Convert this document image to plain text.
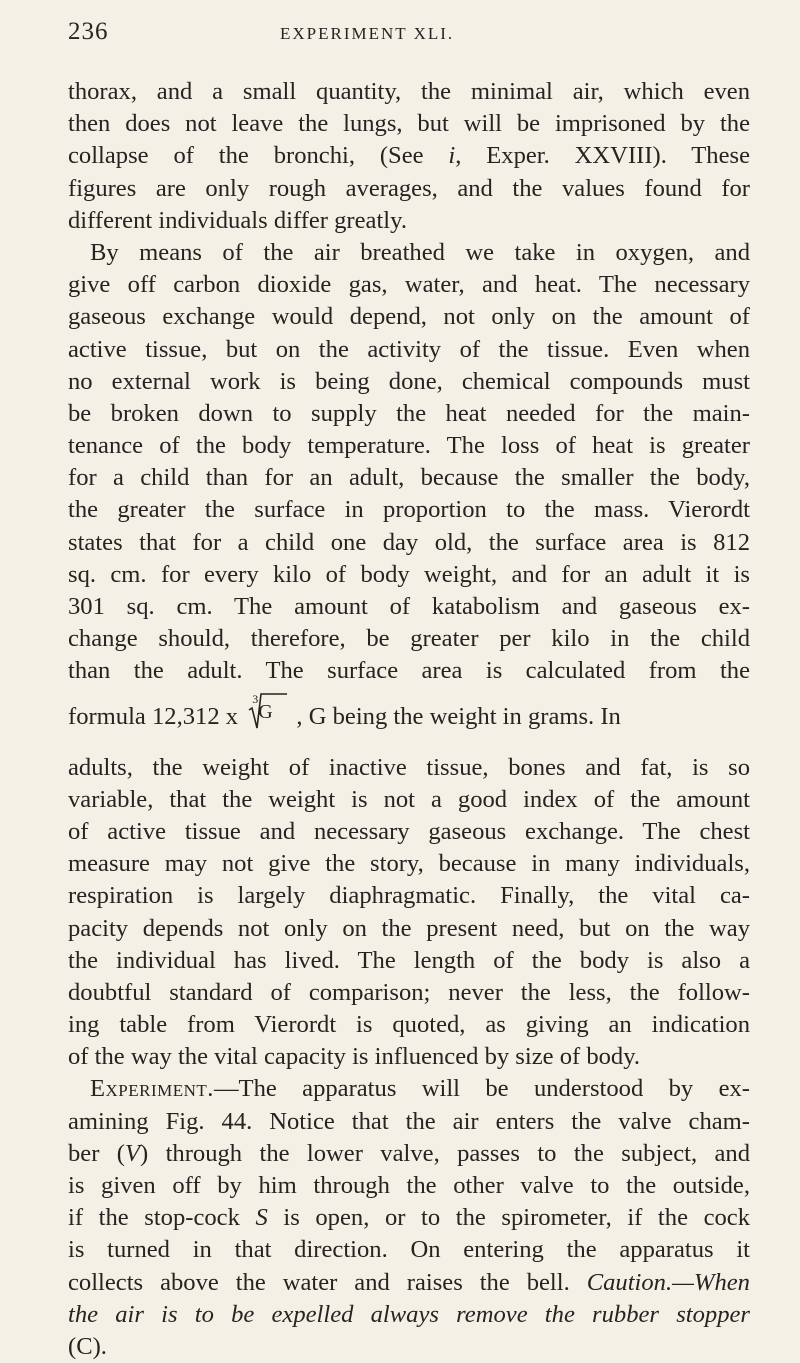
236	EXPERIMENT XLI.
thorax, and a small quantity, the minimal air, which even
then does not leave the lungs, but will be imprisoned by the
collapse of the bronchi, (See i, Exper. XXVIII). These
figures are only rough averages, and the values found for
different individuals differ greatly.
By means of the air breathed we take in oxygen, and
give off carbon dioxide gas, water, and heat. The necessary
gaseous exchange would depend, not only on the amount of
active tissue, but on the activity of the tissue. Even when
no external work is being done, chemical compounds must
be broken down to supply the heat needed for the main-
tenance of the body temperature. The loss of heat is greater
for a child than for an adult, because the smaller the body,
the greater the surface in proportion to the mass. Vierordt
states that for a child one day old, the surface area is 812
sq. cm. for every kilo of body weight, and for an adult it is
301 sq. cm. The amount of katabolism and gaseous ex-
change should, therefore, be greater per kilo in the child
than the adult. The surface area is calculated from the
formula 12,312 x
3
G , G being the weight in grams. In
adults, the weight of inactive tissue, bones and fat, is so
variable, that the weight is not a good index of the amount
of active tissue and necessary gaseous exchange. The chest
measure may not give the story, because in many individuals,
respiration is largely diaphragmatic. Finally, the vital ca-
pacity depends not only on the present need, but on the way
the individual has lived. The length of the body is also a
doubtful standard of comparison; never the less, the follow-
ing table from Vierordt is quoted, as giving an indication
of the way the vital capacity is influenced by size of body.
Experiment.—The apparatus will be understood by ex-
amining Fig. 44. Notice that the air enters the valve cham-
ber (V) through the lower valve, passes to the subject, and
is given off by him through the other valve to the outside,
if the stop-cock S is open, or to the spirometer, if the cock
is turned in that direction. On entering the apparatus it
collects above the water and raises the bell. Caution.—When
the air is to be expelled always remove the rubber stopper
(C).
